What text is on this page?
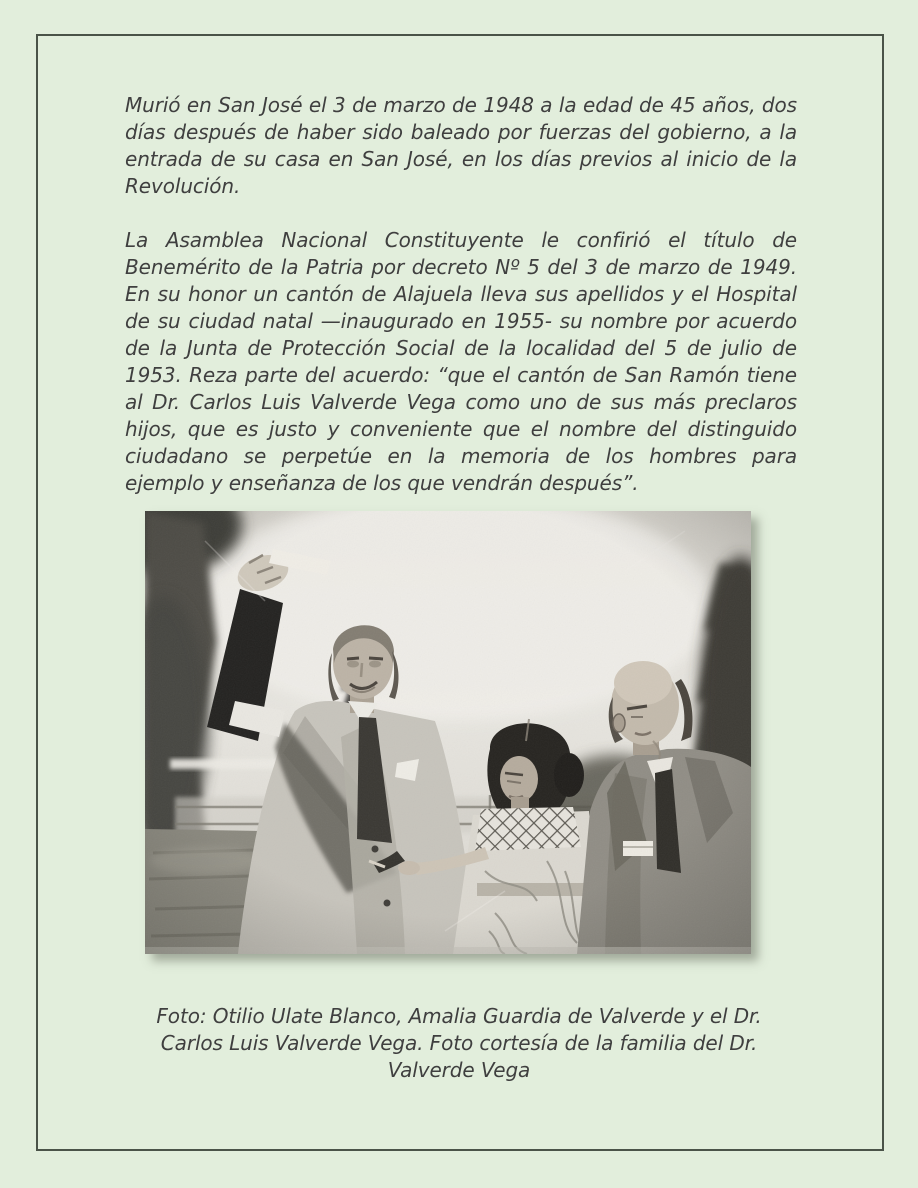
Murió en San José el 3 de marzo de 1948 a la edad de 45 años, dos días después de haber sido baleado por fuerzas del gobierno, a la entrada de su casa en San José, en los días previos al inicio de la Revolución.

La Asamblea Nacional Constituyente le confirió el título de Benemérito de la Patria por decreto Nº 5 del 3 de marzo de 1949. En su honor un cantón de Alajuela lleva sus apellidos y el Hospital de su ciudad natal —inaugurado en 1955- su nombre por acuerdo de la Junta de Protección Social de la localidad del 5 de julio de 1953. Reza parte del acuerdo: “que el cantón de San Ramón tiene al Dr. Carlos Luis Valverde Vega como uno de sus más preclaros hijos, que es justo y conveniente que el nombre del distinguido ciudadano se perpetúe en la memoria de los hombres para ejemplo y enseñanza de los que vendrán después”.

Foto: Otilio Ulate Blanco, Amalia Guardia de Valverde y el Dr. Carlos Luis Valverde Vega. Foto cortesía de la familia del Dr. Valverde Vega
